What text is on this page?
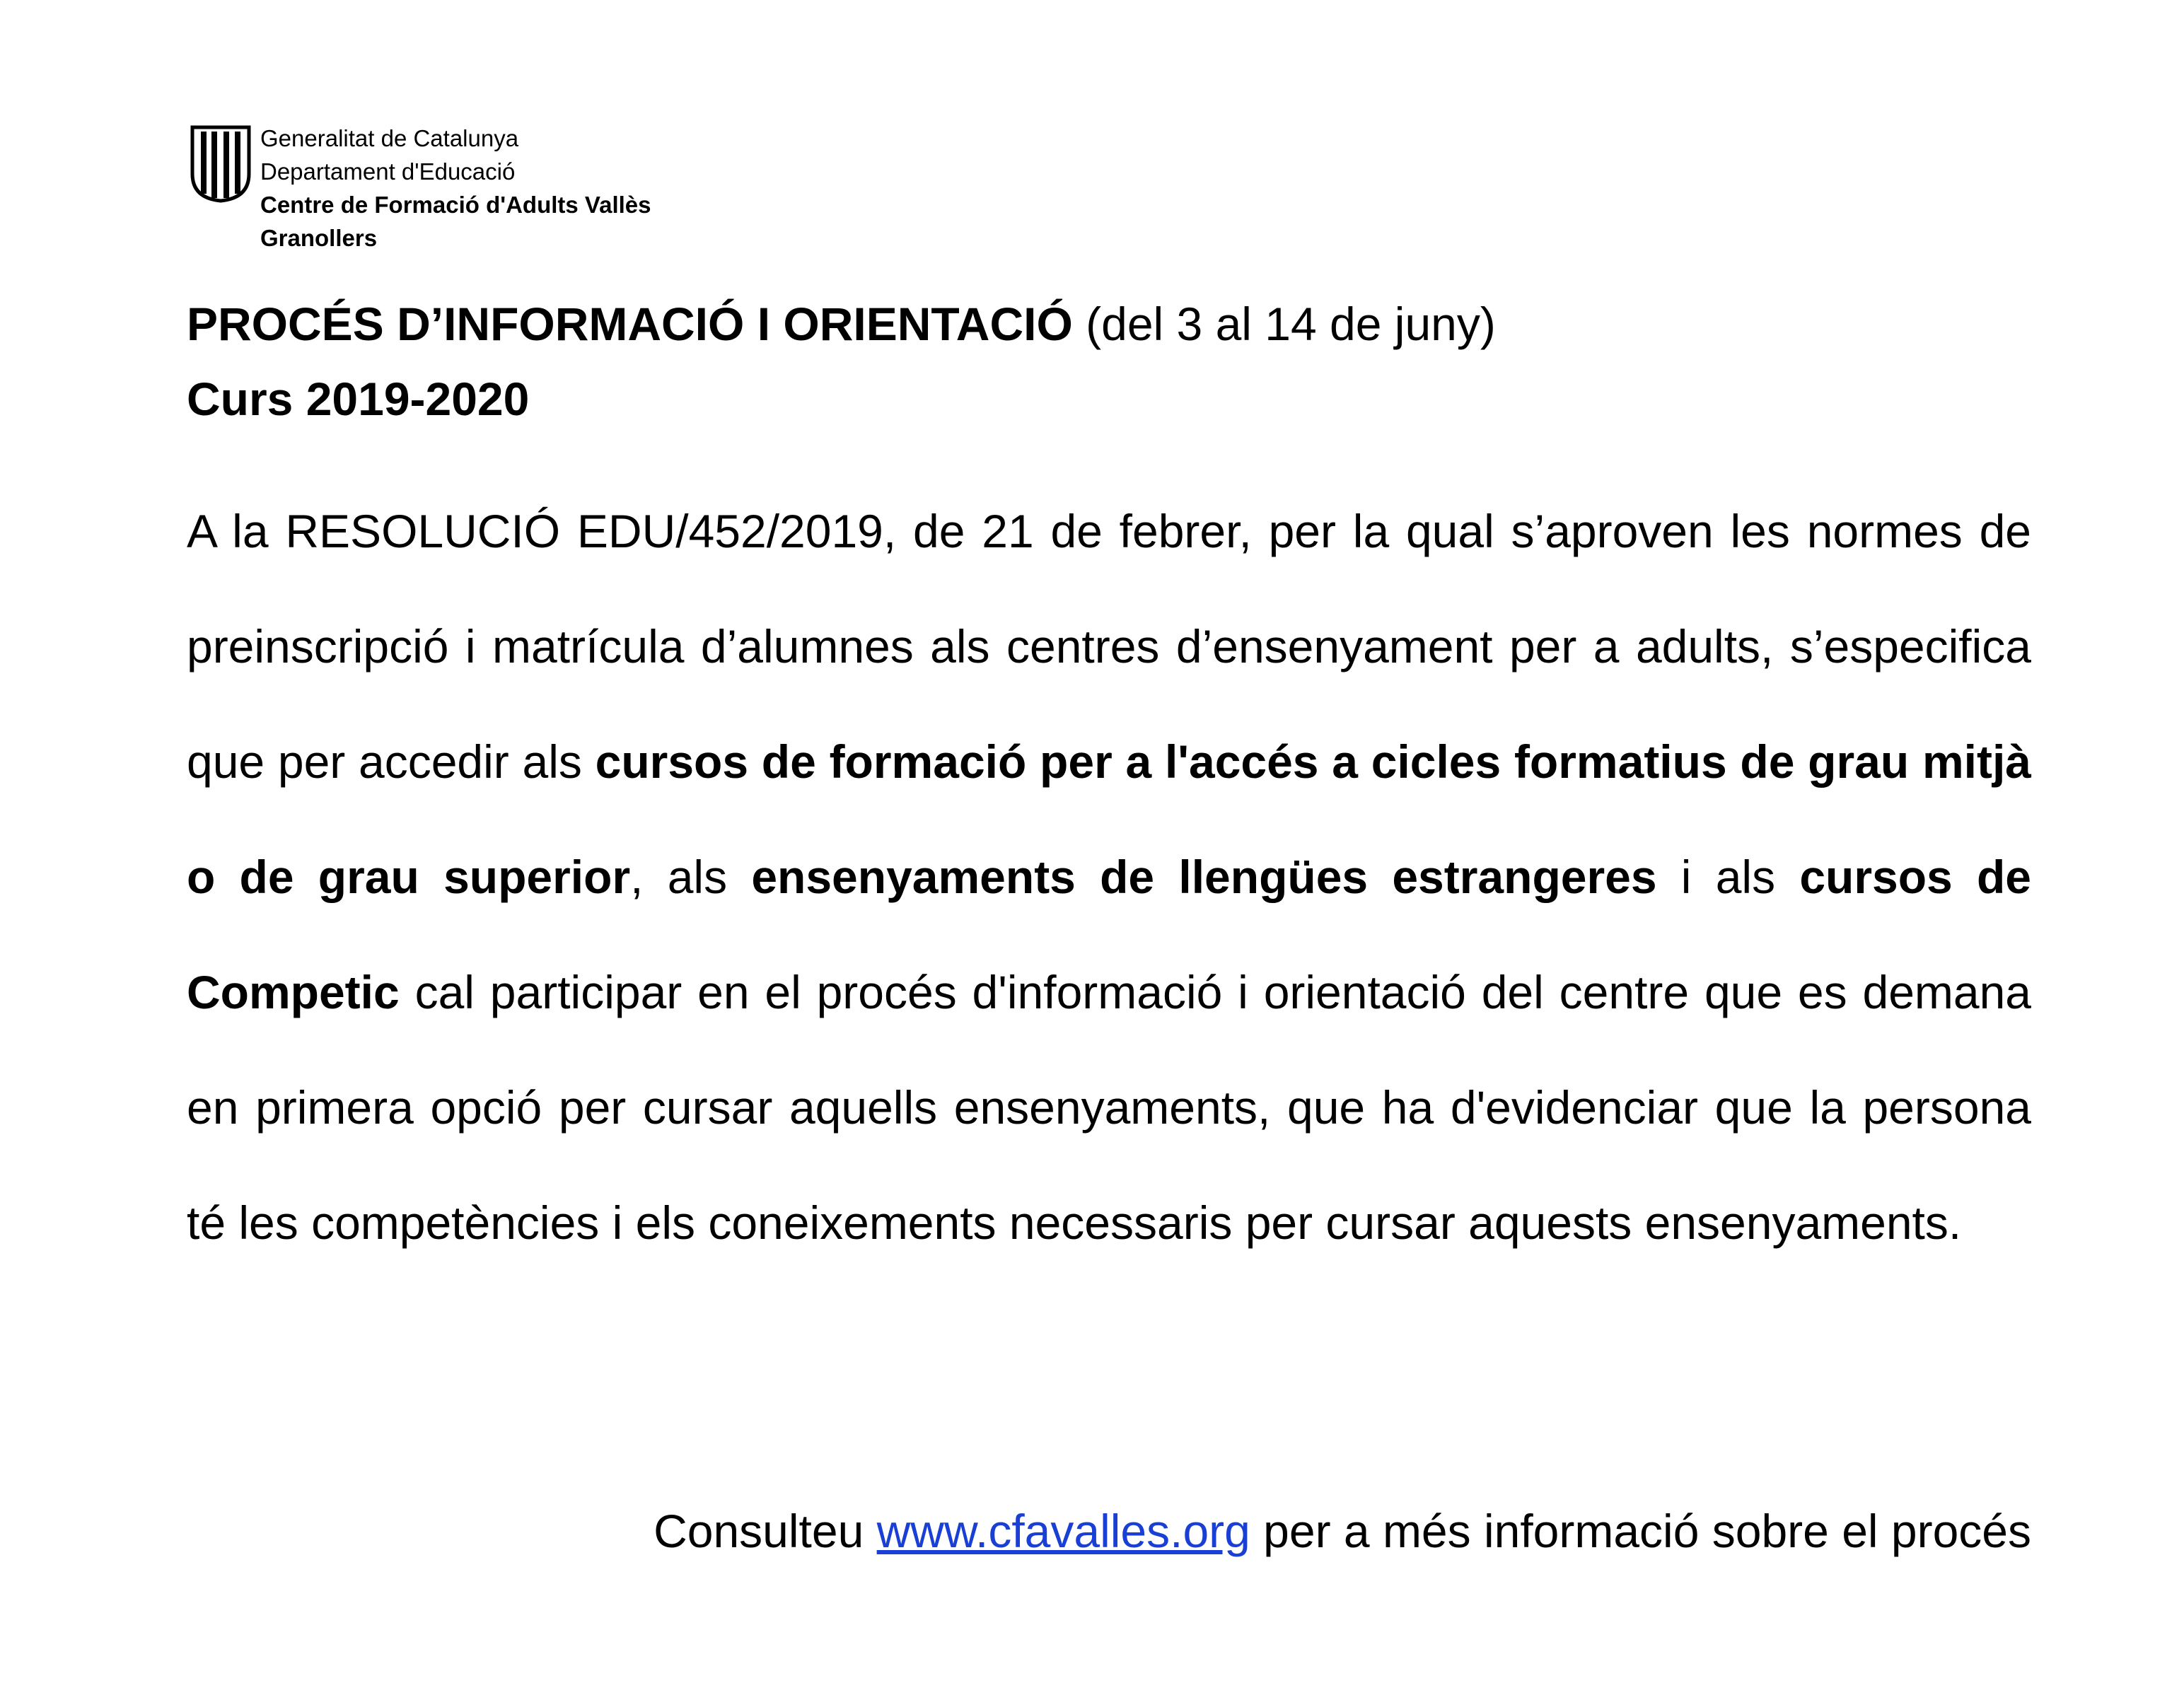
Generalitat de Catalunya
Departament d'Educació
Centre de Formació d'Adults Vallès
Granollers
PROCÉS D’INFORMACIÓ I ORIENTACIÓ (del 3 al 14 de juny)
Curs 2019-2020
A la RESOLUCIÓ EDU/452/2019, de 21 de febrer, per la qual s’aproven les normes de preinscripció i matrícula d’alumnes als centres d’ensenyament per a adults, s’especifica que per accedir als cursos de formació per a l'accés a cicles formatius de grau mitjà o de grau superior, als ensenyaments de llengües estrangeres i als cursos de Competic cal participar en el procés d'informació i orientació del centre que es demana en primera opció per cursar aquells ensenyaments, que ha d'evidenciar que la persona té les competències i els coneixements necessaris per cursar aquests ensenyaments.
Consulteu www.cfavalles.org per a més informació sobre el procés
